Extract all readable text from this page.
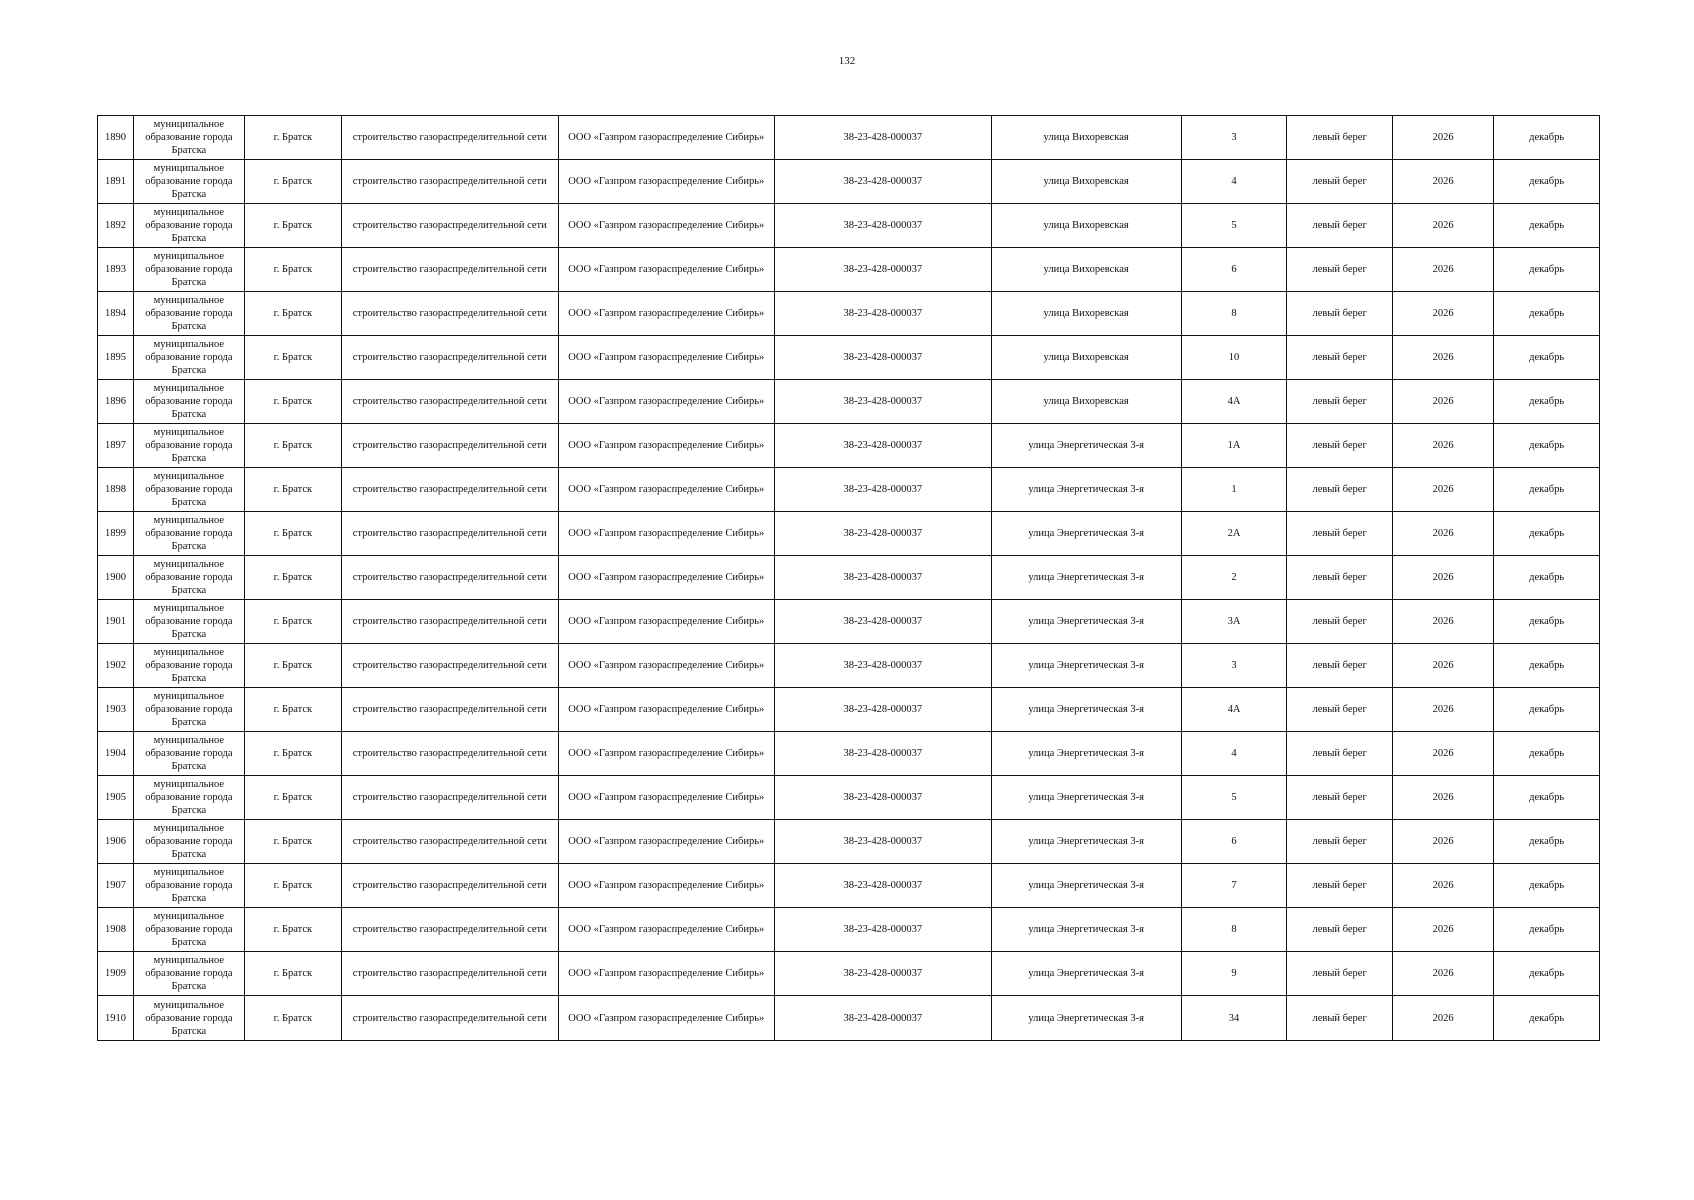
132
1890	муниципальное образование города Братска	г. Братск	строительство газораспределительной сети	ООО «Газпром газораспределение Сибирь»	38-23-428-000037	улица Вихоревская	3	левый берег	2026	декабрь
1891	муниципальное образование города Братска	г. Братск	строительство газораспределительной сети	ООО «Газпром газораспределение Сибирь»	38-23-428-000037	улица Вихоревская	4	левый берег	2026	декабрь
1892	муниципальное образование города Братска	г. Братск	строительство газораспределительной сети	ООО «Газпром газораспределение Сибирь»	38-23-428-000037	улица Вихоревская	5	левый берег	2026	декабрь
1893	муниципальное образование города Братска	г. Братск	строительство газораспределительной сети	ООО «Газпром газораспределение Сибирь»	38-23-428-000037	улица Вихоревская	6	левый берег	2026	декабрь
1894	муниципальное образование города Братска	г. Братск	строительство газораспределительной сети	ООО «Газпром газораспределение Сибирь»	38-23-428-000037	улица Вихоревская	8	левый берег	2026	декабрь
1895	муниципальное образование города Братска	г. Братск	строительство газораспределительной сети	ООО «Газпром газораспределение Сибирь»	38-23-428-000037	улица Вихоревская	10	левый берег	2026	декабрь
1896	муниципальное образование города Братска	г. Братск	строительство газораспределительной сети	ООО «Газпром газораспределение Сибирь»	38-23-428-000037	улица Вихоревская	4А	левый берег	2026	декабрь
1897	муниципальное образование города Братска	г. Братск	строительство газораспределительной сети	ООО «Газпром газораспределение Сибирь»	38-23-428-000037	улица Энергетическая 3-я	1А	левый берег	2026	декабрь
1898	муниципальное образование города Братска	г. Братск	строительство газораспределительной сети	ООО «Газпром газораспределение Сибирь»	38-23-428-000037	улица Энергетическая 3-я	1	левый берег	2026	декабрь
1899	муниципальное образование города Братска	г. Братск	строительство газораспределительной сети	ООО «Газпром газораспределение Сибирь»	38-23-428-000037	улица Энергетическая 3-я	2А	левый берег	2026	декабрь
1900	муниципальное образование города Братска	г. Братск	строительство газораспределительной сети	ООО «Газпром газораспределение Сибирь»	38-23-428-000037	улица Энергетическая 3-я	2	левый берег	2026	декабрь
1901	муниципальное образование города Братска	г. Братск	строительство газораспределительной сети	ООО «Газпром газораспределение Сибирь»	38-23-428-000037	улица Энергетическая 3-я	3А	левый берег	2026	декабрь
1902	муниципальное образование города Братска	г. Братск	строительство газораспределительной сети	ООО «Газпром газораспределение Сибирь»	38-23-428-000037	улица Энергетическая 3-я	3	левый берег	2026	декабрь
1903	муниципальное образование города Братска	г. Братск	строительство газораспределительной сети	ООО «Газпром газораспределение Сибирь»	38-23-428-000037	улица Энергетическая 3-я	4А	левый берег	2026	декабрь
1904	муниципальное образование города Братска	г. Братск	строительство газораспределительной сети	ООО «Газпром газораспределение Сибирь»	38-23-428-000037	улица Энергетическая 3-я	4	левый берег	2026	декабрь
1905	муниципальное образование города Братска	г. Братск	строительство газораспределительной сети	ООО «Газпром газораспределение Сибирь»	38-23-428-000037	улица Энергетическая 3-я	5	левый берег	2026	декабрь
1906	муниципальное образование города Братска	г. Братск	строительство газораспределительной сети	ООО «Газпром газораспределение Сибирь»	38-23-428-000037	улица Энергетическая 3-я	6	левый берег	2026	декабрь
1907	муниципальное образование города Братска	г. Братск	строительство газораспределительной сети	ООО «Газпром газораспределение Сибирь»	38-23-428-000037	улица Энергетическая 3-я	7	левый берег	2026	декабрь
1908	муниципальное образование города Братска	г. Братск	строительство газораспределительной сети	ООО «Газпром газораспределение Сибирь»	38-23-428-000037	улица Энергетическая 3-я	8	левый берег	2026	декабрь
1909	муниципальное образование города Братска	г. Братск	строительство газораспределительной сети	ООО «Газпром газораспределение Сибирь»	38-23-428-000037	улица Энергетическая 3-я	9	левый берег	2026	декабрь
1910	муниципальное образование города Братска	г. Братск	строительство газораспределительной сети	ООО «Газпром газораспределение Сибирь»	38-23-428-000037	улица Энергетическая 3-я	34	левый берег	2026	декабрь
